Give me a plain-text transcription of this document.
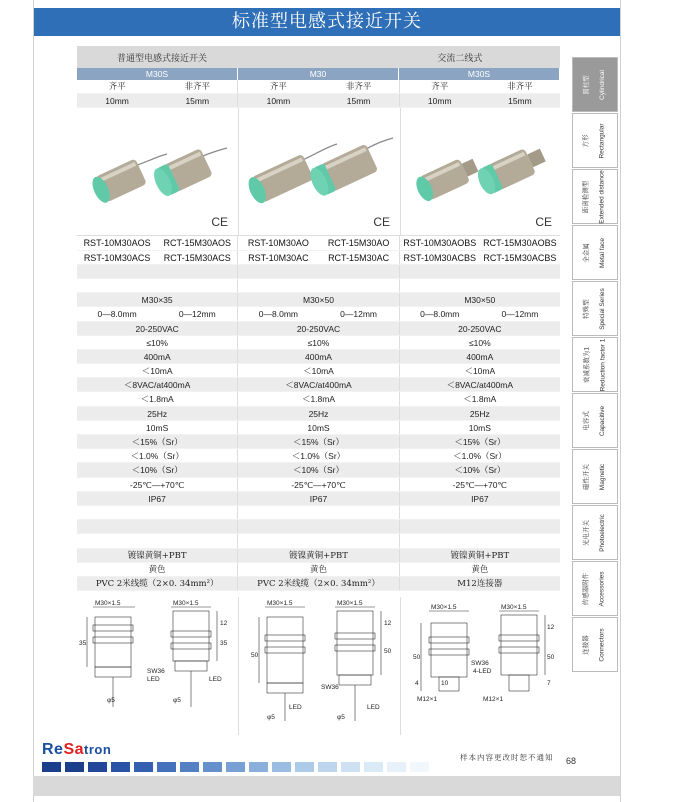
标准型电感式接近开关
普通型电感式接近开关	交流二线式
M30S	M30	M30S
齐平	非齐平	齐平	非齐平	齐平	非齐平
10mm	15mm	10mm	15mm	10mm	15mm
CE	CE	CE
RST-10M30AOS	RCT-15M30AOS	RST-10M30AO	RCT-15M30AO	RST-10M30AOBS RCT-15M30AOBS
RST-10M30ACS	RCT-15M30ACS	RST-10M30AC	RCT-15M30AC	RST-10M30ACBS RCT-15M30ACBS
M30×35	M30×50	M30×50
0—8.0mm	0—12mm	0—8.0mm	0—12mm	0—8.0mm	0—12mm
20-250VAC	20-250VAC	20-250VAC
≤10%	≤10%	≤10%
400mA	400mA	400mA
＜10mA	＜10mA	＜10mA
＜8VAC/at400mA	＜8VAC/at400mA	＜8VAC/at400mA
＜1.8mA	＜1.8mA	＜1.8mA
25Hz	25Hz	25Hz
10mS	10mS	10mS
＜15%（Sr）	＜15%（Sr）	＜15%（Sr）
＜1.0%（Sr）	＜1.0%（Sr）	＜1.0%（Sr）
＜10%（Sr）	＜10%（Sr）	＜10%（Sr）
-25℃—+70℃	-25℃—+70℃	-25℃—+70℃
IP67	IP67	IP67
镀镍黄铜+PBT	镀镍黄铜+PBT	镀镍黄铜+PBT
黄色	黄色	黄色
PVC 2米线缆（2×0. 34mm²）	PVC 2米线缆（2×0. 34mm²）	M12连接器
M30×1.5
35
φ5
M30×1.5
12
35
SW36
LED	LED
φ5
M30×1.5
50
LED
φ5
M30×1.5
12
50
SW36
LED
φ5
M30×1.5
50
4	10
M12×1
M30×1.5
12
50
7
SW36
4-LED
M12×1
圆柱型 Cylindrical
方形 Rectangular
距离检测型 Extended distance
全金属 Metal face
特殊型 Special Series
衰减系数为1 Reduction factor 1
电容式 Capacitive
磁性开关 Magnetic
光电开关 Photoelectric
传感器附件 Accessories
连接器 Connectors
ReSatron
样本内容更改时恕不通知 68
